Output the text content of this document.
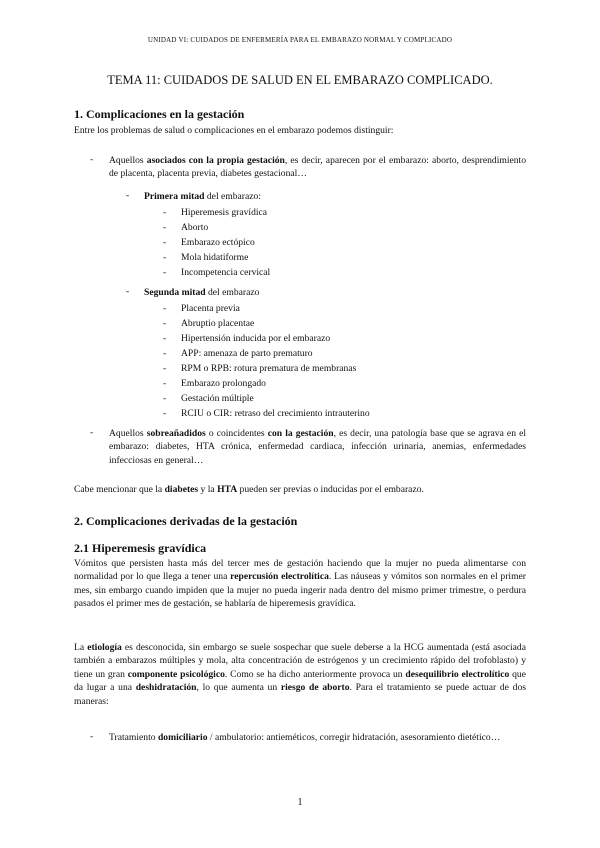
UNIDAD VI: CUIDADOS DE ENFERMERÍA PARA EL EMBARAZO NORMAL Y COMPLICADO
TEMA 11: CUIDADOS DE SALUD EN EL EMBARAZO COMPLICADO.
1. Complicaciones en la gestación
Entre los problemas de salud o complicaciones en el embarazo podemos distinguir:
- Aquellos asociados con la propia gestación, es decir, aparecen por el embarazo: aborto, desprendimiento de placenta, placenta previa, diabetes gestacional…
- Primera mitad del embarazo:
- Hiperemesis gravídica
- Aborto
- Embarazo ectópico
- Mola hidatiforme
- Incompetencia cervical
- Segunda mitad del embarazo
- Placenta previa
- Abruptio placentae
- Hipertensión inducida por el embarazo
- APP: amenaza de parto prematuro
- RPM o RPB: rotura prematura de membranas
- Embarazo prolongado
- Gestación múltiple
- RCIU o CIR: retraso del crecimiento intrauterino
- Aquellos sobreañadidos o coincidentes con la gestación, es decir, una patología base que se agrava en el embarazo: diabetes, HTA crónica, enfermedad cardiaca, infección urinaria, anemias, enfermedades infecciosas en general…
Cabe mencionar que la diabetes y la HTA pueden ser previas o inducidas por el embarazo.
2. Complicaciones derivadas de la gestación
2.1 Hiperemesis gravídica
Vómitos que persisten hasta más del tercer mes de gestación haciendo que la mujer no pueda alimentarse con normalidad por lo que llega a tener una repercusión electrolítica. Las náuseas y vómitos son normales en el primer mes, sin embargo cuando impiden que la mujer no pueda ingerir nada dentro del mismo primer trimestre, o perdura pasados el primer mes de gestación, se hablaría de hiperemesis gravídica.
La etiología es desconocida, sin embargo se suele sospechar que suele deberse a la HCG aumentada (está asociada también a embarazos múltiples y mola, alta concentración de estrógenos y un crecimiento rápido del trofoblasto) y tiene un gran componente psicológico. Como se ha dicho anteriormente provoca un desequilibrio electrolítico que da lugar a una deshidratación, lo que aumenta un riesgo de aborto. Para el tratamiento se puede actuar de dos maneras:
- Tratamiento domiciliario / ambulatorio: antieméticos, corregir hidratación, asesoramiento dietético…
1
